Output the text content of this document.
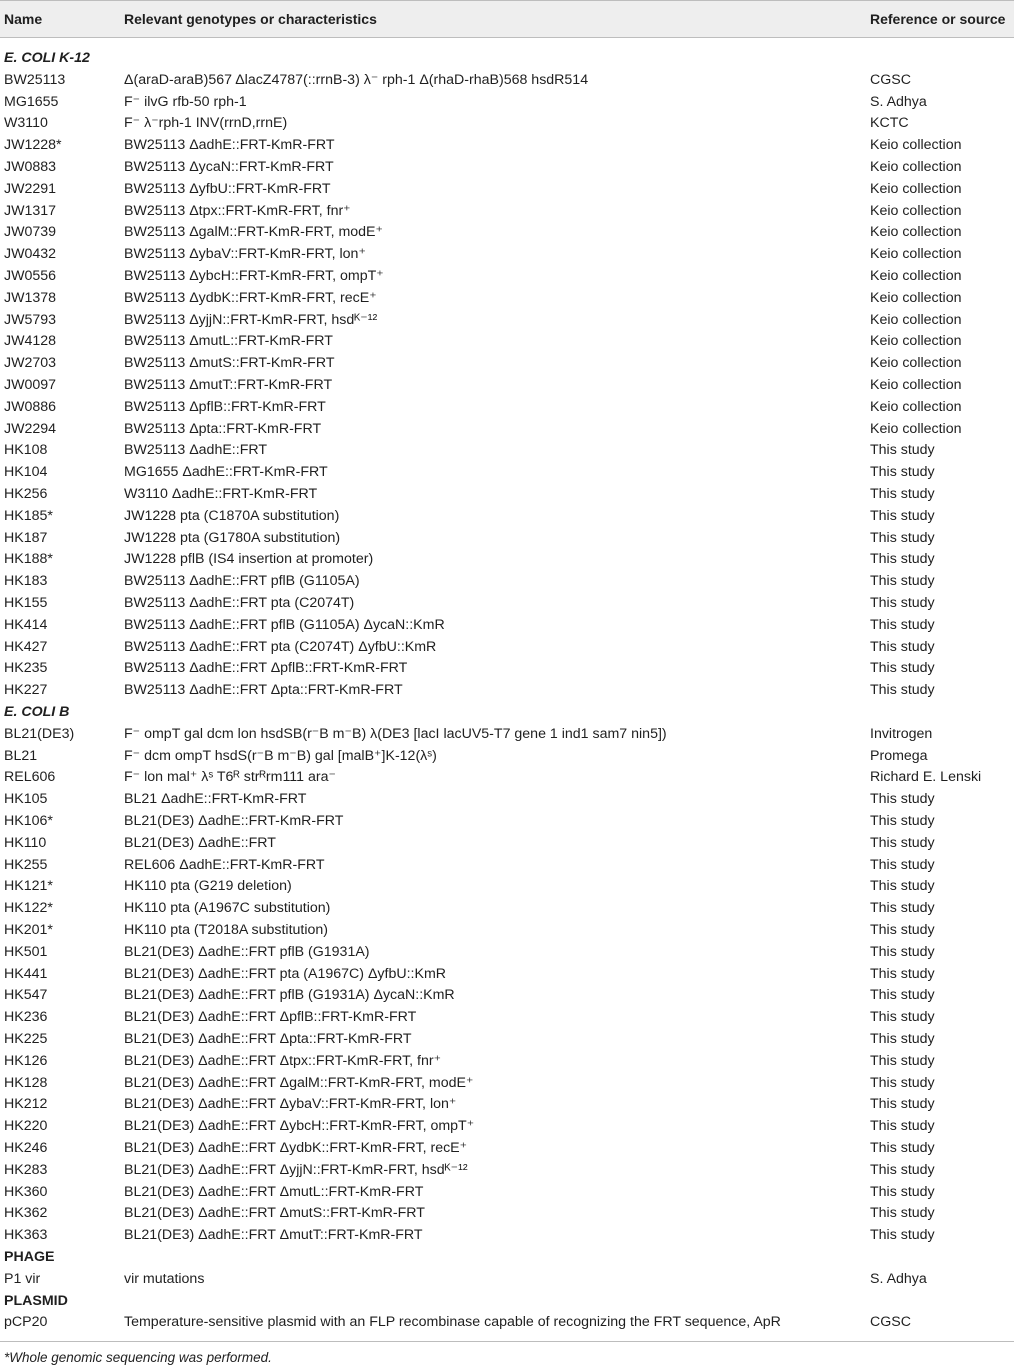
Name	Relevant genotypes or characteristics	Reference or source
E. COLI K-12
BW25113	Δ(araD-araB)567 ΔlacZ4787(::rrnB-3) λ⁻ rph-1 Δ(rhaD-rhaB)568 hsdR514	CGSC
MG1655	F⁻ ilvG rfb-50 rph-1	S. Adhya
W3110	F⁻ λ⁻rph-1 INV(rrnD,rrnE)	KCTC
JW1228*	BW25113 ΔadhE::FRT-KmR-FRT	Keio collection
JW0883	BW25113 ΔycaN::FRT-KmR-FRT	Keio collection
JW2291	BW25113 ΔyfbU::FRT-KmR-FRT	Keio collection
JW1317	BW25113 Δtpx::FRT-KmR-FRT, fnr⁺	Keio collection
JW0739	BW25113 ΔgalM::FRT-KmR-FRT, modE⁺	Keio collection
JW0432	BW25113 ΔybaV::FRT-KmR-FRT, lon⁺	Keio collection
JW0556	BW25113 ΔybcH::FRT-KmR-FRT, ompT⁺	Keio collection
JW1378	BW25113 ΔydbK::FRT-KmR-FRT, recE⁺	Keio collection
JW5793	BW25113 ΔyjjN::FRT-KmR-FRT, hsdᴷ⁻¹²	Keio collection
JW4128	BW25113 ΔmutL::FRT-KmR-FRT	Keio collection
JW2703	BW25113 ΔmutS::FRT-KmR-FRT	Keio collection
JW0097	BW25113 ΔmutT::FRT-KmR-FRT	Keio collection
JW0886	BW25113 ΔpflB::FRT-KmR-FRT	Keio collection
JW2294	BW25113 Δpta::FRT-KmR-FRT	Keio collection
HK108	BW25113 ΔadhE::FRT	This study
HK104	MG1655 ΔadhE::FRT-KmR-FRT	This study
HK256	W3110 ΔadhE::FRT-KmR-FRT	This study
HK185*	JW1228 pta (C1870A substitution)	This study
HK187	JW1228 pta (G1780A substitution)	This study
HK188*	JW1228 pflB (IS4 insertion at promoter)	This study
HK183	BW25113 ΔadhE::FRT pflB (G1105A)	This study
HK155	BW25113 ΔadhE::FRT pta (C2074T)	This study
HK414	BW25113 ΔadhE::FRT pflB (G1105A) ΔycaN::KmR	This study
HK427	BW25113 ΔadhE::FRT pta (C2074T) ΔyfbU::KmR	This study
HK235	BW25113 ΔadhE::FRT ΔpflB::FRT-KmR-FRT	This study
HK227	BW25113 ΔadhE::FRT Δpta::FRT-KmR-FRT	This study
E. COLI B
BL21(DE3)	F⁻ ompT gal dcm lon hsdSB(r⁻B m⁻B) λ(DE3 [lacI lacUV5-T7 gene 1 ind1 sam7 nin5])	Invitrogen
BL21	F⁻ dcm ompT hsdS(r⁻B m⁻B) gal [malB⁺]K-12(λˢ)	Promega
REL606	F⁻ lon mal⁺ λˢ T6ᴿ strᴿrm111 ara⁻	Richard E. Lenski
HK105	BL21 ΔadhE::FRT-KmR-FRT	This study
HK106*	BL21(DE3) ΔadhE::FRT-KmR-FRT	This study
HK110	BL21(DE3) ΔadhE::FRT	This study
HK255	REL606 ΔadhE::FRT-KmR-FRT	This study
HK121*	HK110 pta (G219 deletion)	This study
HK122*	HK110 pta (A1967C substitution)	This study
HK201*	HK110 pta (T2018A substitution)	This study
HK501	BL21(DE3) ΔadhE::FRT pflB (G1931A)	This study
HK441	BL21(DE3) ΔadhE::FRT pta (A1967C) ΔyfbU::KmR	This study
HK547	BL21(DE3) ΔadhE::FRT pflB (G1931A) ΔycaN::KmR	This study
HK236	BL21(DE3) ΔadhE::FRT ΔpflB::FRT-KmR-FRT	This study
HK225	BL21(DE3) ΔadhE::FRT Δpta::FRT-KmR-FRT	This study
HK126	BL21(DE3) ΔadhE::FRT Δtpx::FRT-KmR-FRT, fnr⁺	This study
HK128	BL21(DE3) ΔadhE::FRT ΔgalM::FRT-KmR-FRT, modE⁺	This study
HK212	BL21(DE3) ΔadhE::FRT ΔybaV::FRT-KmR-FRT, lon⁺	This study
HK220	BL21(DE3) ΔadhE::FRT ΔybcH::FRT-KmR-FRT, ompT⁺	This study
HK246	BL21(DE3) ΔadhE::FRT ΔydbK::FRT-KmR-FRT, recE⁺	This study
HK283	BL21(DE3) ΔadhE::FRT ΔyjjN::FRT-KmR-FRT, hsdᴷ⁻¹²	This study
HK360	BL21(DE3) ΔadhE::FRT ΔmutL::FRT-KmR-FRT	This study
HK362	BL21(DE3) ΔadhE::FRT ΔmutS::FRT-KmR-FRT	This study
HK363	BL21(DE3) ΔadhE::FRT ΔmutT::FRT-KmR-FRT	This study
PHAGE
P1 vir	vir mutations	S. Adhya
PLASMID
pCP20	Temperature-sensitive plasmid with an FLP recombinase capable of recognizing the FRT sequence, ApR	CGSC
*Whole genomic sequencing was performed.
